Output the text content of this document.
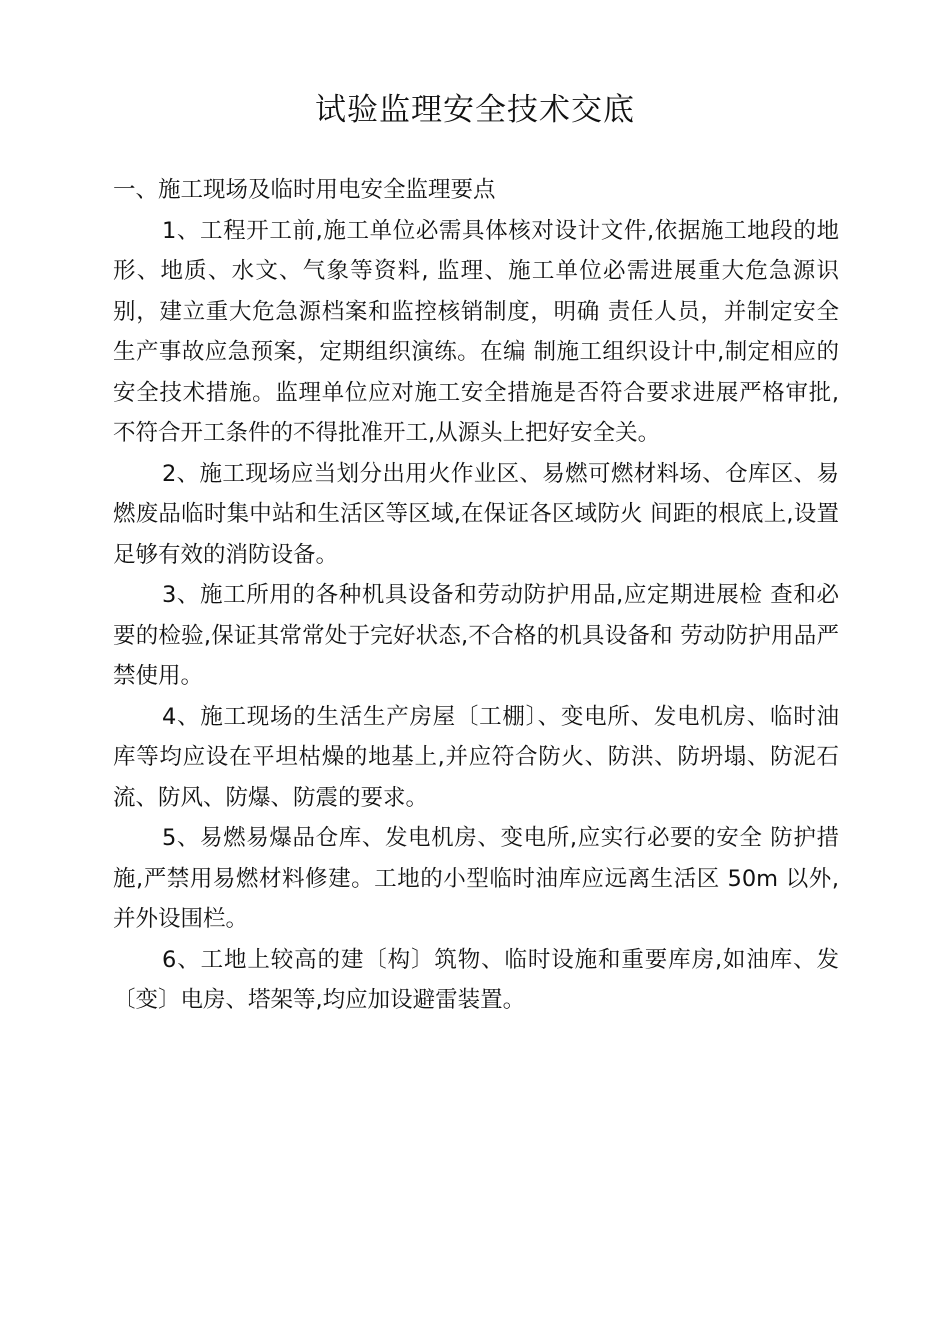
试验监理安全技术交底

一、施工现场及临时用电安全监理要点

1、工程开工前,施工单位必需具体核对设计文件,依据施工地段的地形、地质、水文、气象等资料, 监理、施工单位必需进展重大危急源识别，建立重大危急源档案和监控核销制度，明确 责任人员，并制定安全生产事故应急预案，定期组织演练。在编 制施工组织设计中,制定相应的安全技术措施。监理单位应对施工安全措施是否符合要求进展严格审批,不符合开工条件的不得批准开工,从源头上把好安全关。

2、施工现场应当划分出用火作业区、易燃可燃材料场、仓库区、易燃废品临时集中站和生活区等区域,在保证各区域防火 间距的根底上,设置足够有效的消防设备。

3、施工所用的各种机具设备和劳动防护用品,应定期进展检 查和必要的检验,保证其常常处于完好状态,不合格的机具设备和 劳动防护用品严禁使用。

4、施工现场的生活生产房屋〔工棚〕、变电所、发电机房、临时油库等均应设在平坦枯燥的地基上,并应符合防火、防洪、防坍塌、防泥石流、防风、防爆、防震的要求。

5、易燃易爆品仓库、发电机房、变电所,应实行必要的安全 防护措施,严禁用易燃材料修建。工地的小型临时油库应远离生活区 50m 以外,并外设围栏。

6、工地上较高的建〔构〕筑物、临时设施和重要库房,如油库、发〔变〕电房、塔架等,均应加设避雷装置。
